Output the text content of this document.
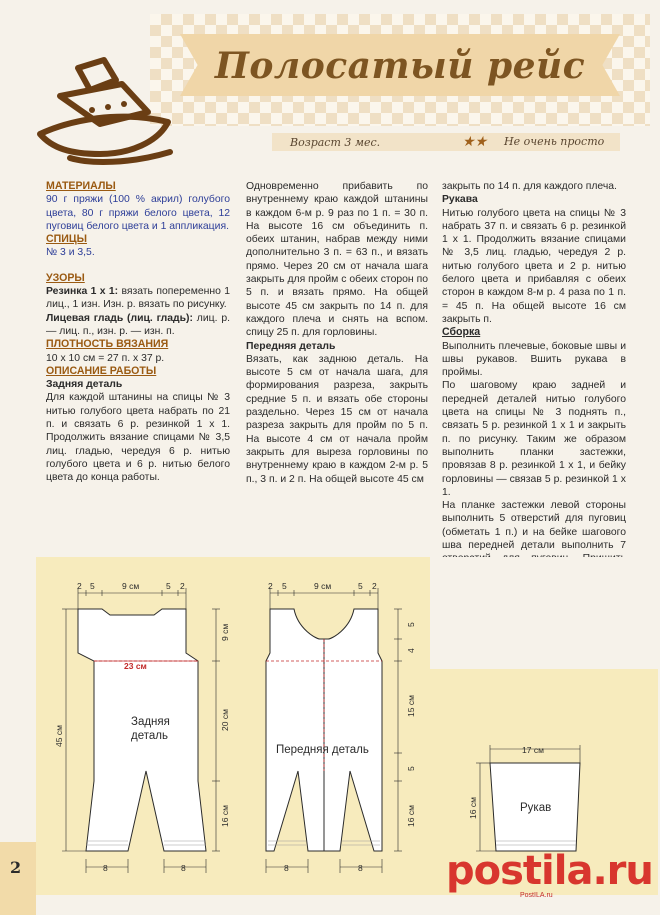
Полосатый рейс
Возраст 3 мес.	★★ Не очень просто

МАТЕРИАЛЫ

90 г пряжи (100 % акрил) голубого цвета, 80 г пряжи белого цвета, 12 пуговиц белого цвета и 1 аппликация.

СПИЦЫ

№ 3 и 3,5.

УЗОРЫ

Резинка 1 х 1: вязать попеременно 1 лиц., 1 изн. Изн. р. вязать по рисунку.

Лицевая гладь (лиц. гладь): лиц. р. — лиц. п., изн. р. — изн. п.

ПЛОТНОСТЬ ВЯЗАНИЯ

10 х 10 см = 27 п. х 37 р.

ОПИСАНИЕ РАБОТЫ

Задняя деталь

Для каждой штанины на спицы № 3 нитью голубого цвета набрать по 21 п. и связать 6 р. резинкой 1 х 1. Продолжить вязание спицами № 3,5 лиц. гладью, чередуя 6 р. нитью голубого цвета и 6 р. нитью белого цвета до конца работы.

Одновременно прибавить по внутреннему краю каждой штанины в каждом 6-м р. 9 раз по 1 п. = 30 п. На высоте 16 см объединить п. обеих штанин, набрав между ними дополнительно 3 п. = 63 п., и вязать прямо. Через 20 см от начала шага закрыть для пройм с обеих сторон по 5 п. и вязать прямо. На общей высоте 45 см закрыть по 14 п. для каждого плеча и снять на вспом. спицу 25 п. для горловины.

Передняя деталь

Вязать, как заднюю деталь. На высоте 5 см от начала шага, для формирования разреза, закрыть средние 5 п. и вязать обе стороны раздельно. Через 15 см от начала разреза закрыть для пройм по 5 п. На высоте 4 см от начала пройм закрыть для выреза горловины по внутреннему краю в каждом 2-м р. 5 п., 3 п. и 2 п. На общей высоте 45 см

закрыть по 14 п. для каждого плеча.

Рукава

Нитью голубого цвета на спицы № 3 набрать 37 п. и связать 6 р. резинкой 1 х 1. Продолжить вязание спицами № 3,5 лиц. гладью, чередуя 2 р. нитью голубого цвета и 2 р. нитью белого цвета и прибавляя с обеих сторон в каждом 8-м р. 4 раза по 1 п. = 45 п. На общей высоте 16 см закрыть п.

Сборка

Выполнить плечевые, боковые швы и швы рукавов. Вшить рукава в проймы.

По шаговому краю задней и передней деталей нитью голубого цвета на спицы № 3 поднять п., связать 5 р. резинкой 1 х 1 и закрыть п. по рисунку. Таким же образом выполнить планки застежки, провязав 8 р. резинкой 1 х 1, и бейку горловины — связав 5 р. резинкой 1 х 1.

На планке застежки левой стороны выполнить 5 отверстий для пуговиц (обметать 1 п.) и на бейке шагового шва передней детали выполнить 7

2 5	9 см	5 2
23 см
45 см
9 см
20 см
16 см
Задняя
деталь
8	8
2 5	9 см	5 2
5
4
15 см
5
16 см
Передняя деталь
8	8
17 см
16 см	Рукав
2	postila.ru
PostILA.ru
